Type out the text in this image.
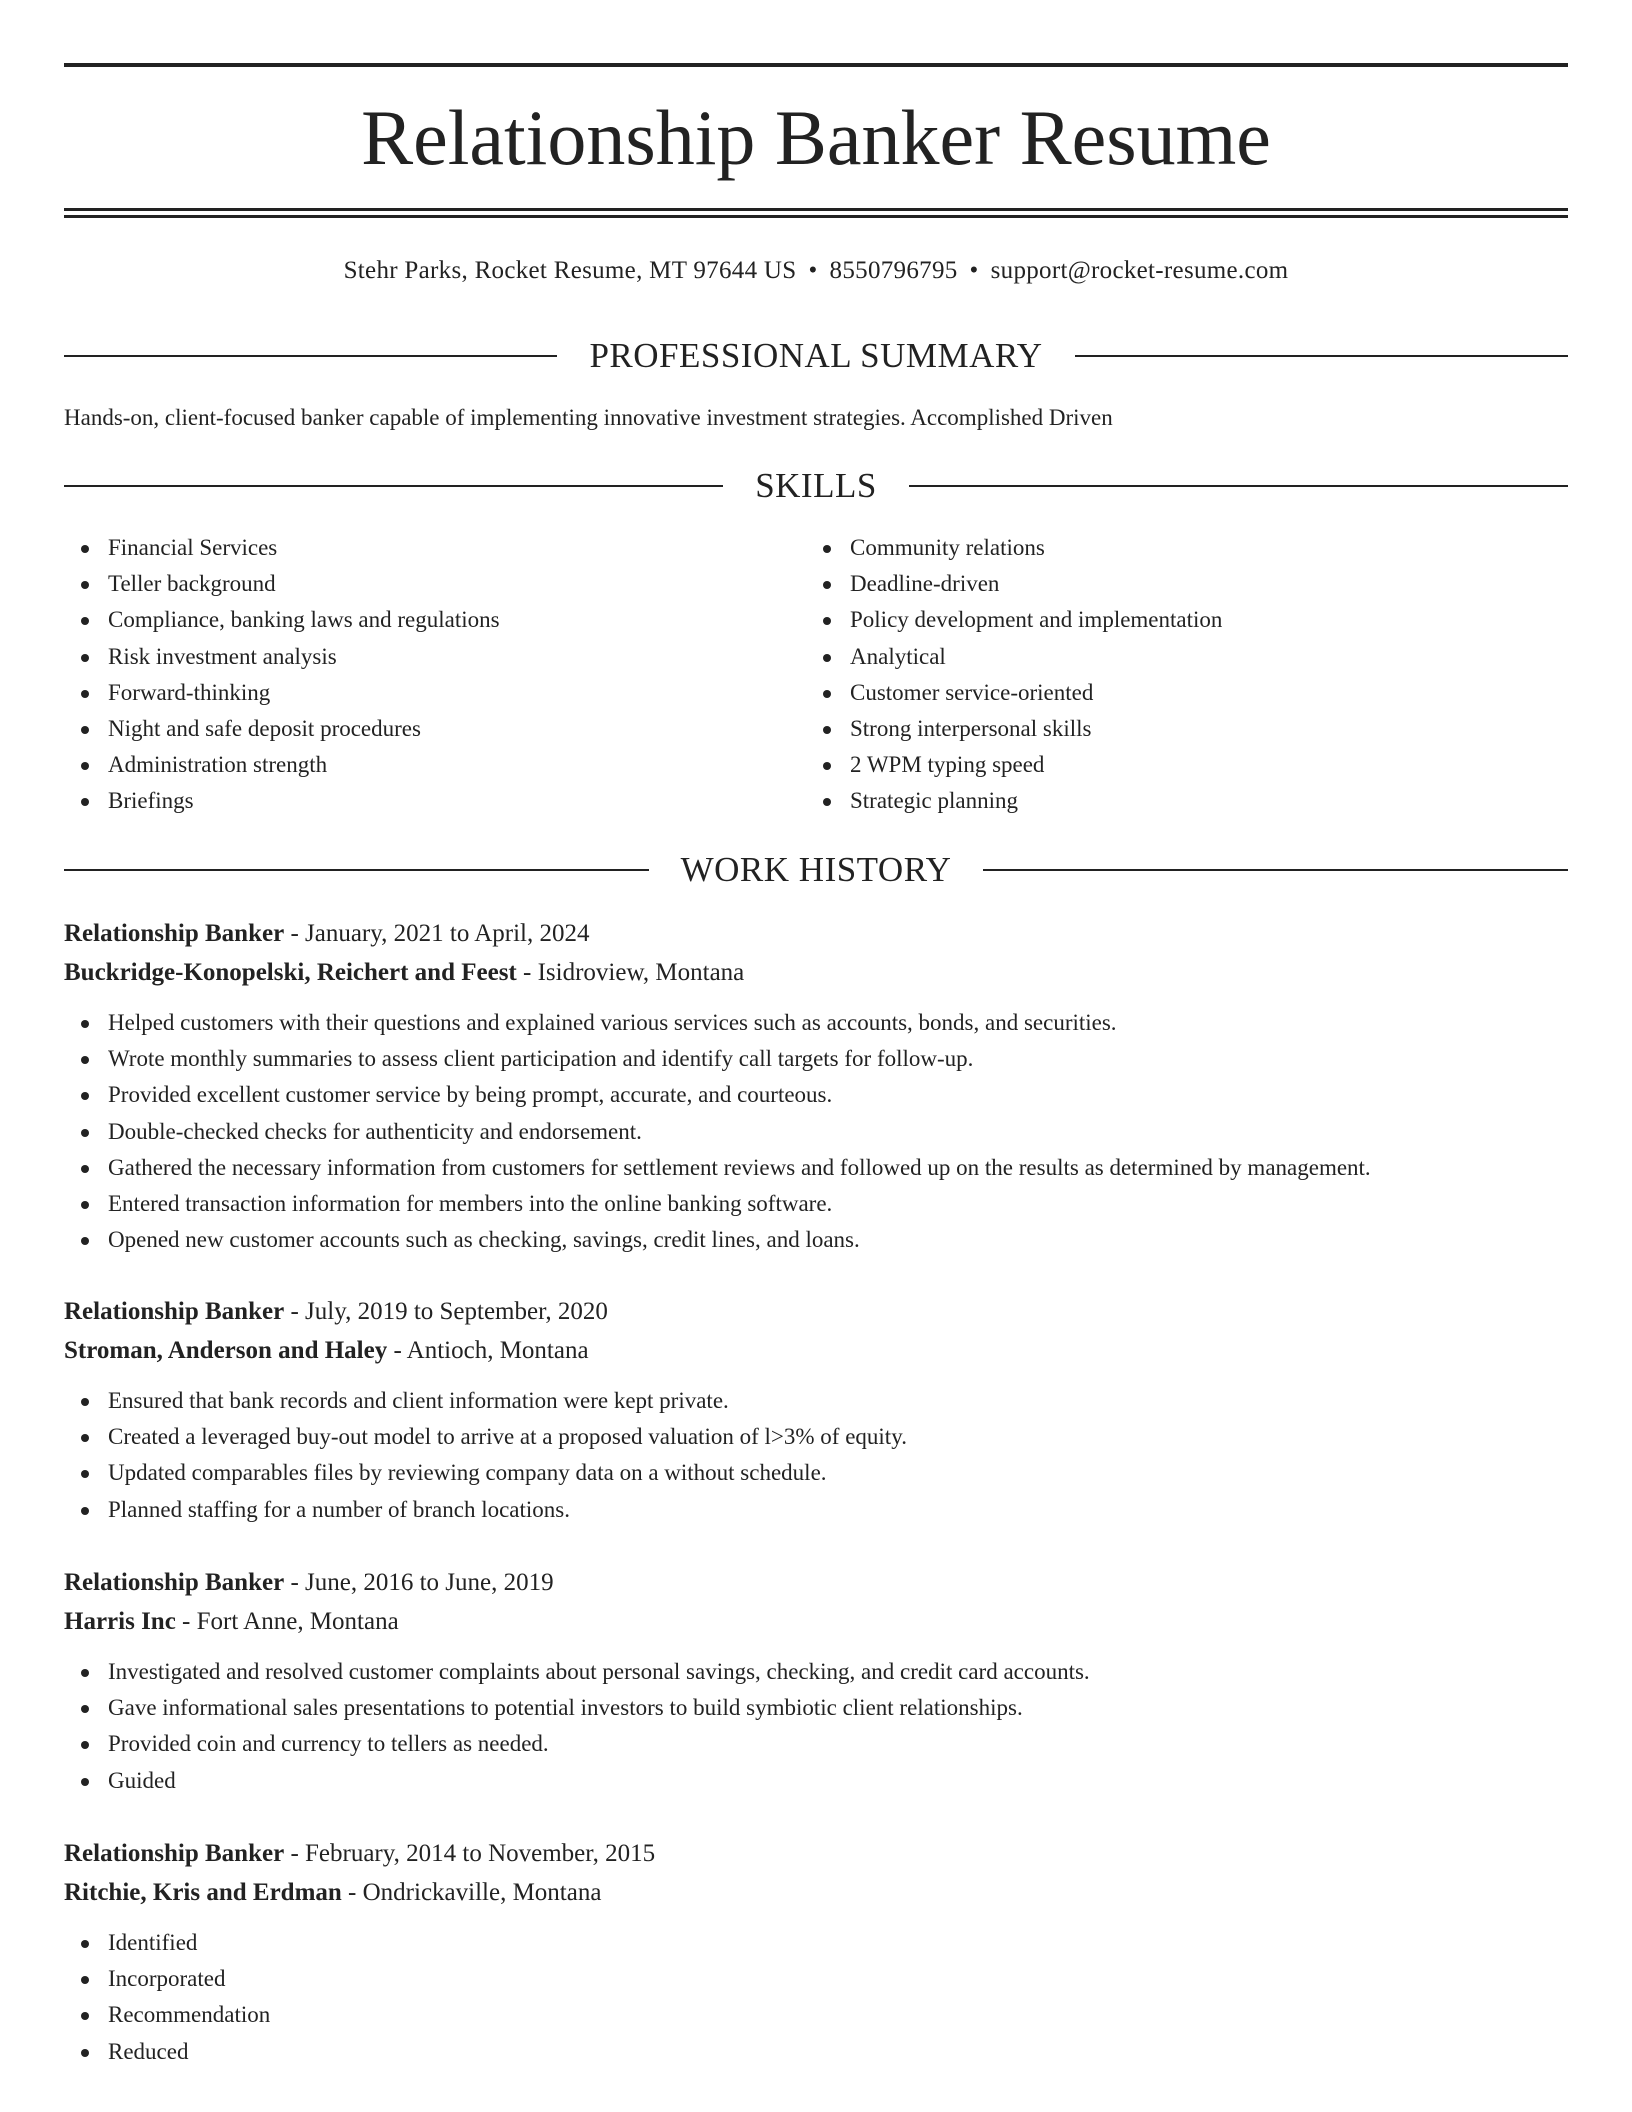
Relationship Banker Resume
Stehr Parks, Rocket Resume, MT 97644 US • 8550796795 • support@rocket-resume.com
PROFESSIONAL SUMMARY
Hands-on, client-focused banker capable of implementing innovative investment strategies. Accomplished Driven
SKILLS
Financial Services
Teller background
Compliance, banking laws and regulations
Risk investment analysis
Forward-thinking
Night and safe deposit procedures
Administration strength
Briefings
Community relations
Deadline-driven
Policy development and implementation
Analytical
Customer service-oriented
Strong interpersonal skills
2 WPM typing speed
Strategic planning
WORK HISTORY
Relationship Banker - January, 2021 to April, 2024
Buckridge-Konopelski, Reichert and Feest - Isidroview, Montana
Helped customers with their questions and explained various services such as accounts, bonds, and securities.
Wrote monthly summaries to assess client participation and identify call targets for follow-up.
Provided excellent customer service by being prompt, accurate, and courteous.
Double-checked checks for authenticity and endorsement.
Gathered the necessary information from customers for settlement reviews and followed up on the results as determined by management.
Entered transaction information for members into the online banking software.
Opened new customer accounts such as checking, savings, credit lines, and loans.
Relationship Banker - July, 2019 to September, 2020
Stroman, Anderson and Haley - Antioch, Montana
Ensured that bank records and client information were kept private.
Created a leveraged buy-out model to arrive at a proposed valuation of l>3% of equity.
Updated comparables files by reviewing company data on a without schedule.
Planned staffing for a number of branch locations.
Relationship Banker - June, 2016 to June, 2019
Harris Inc - Fort Anne, Montana
Investigated and resolved customer complaints about personal savings, checking, and credit card accounts.
Gave informational sales presentations to potential investors to build symbiotic client relationships.
Provided coin and currency to tellers as needed.
Guided
Relationship Banker - February, 2014 to November, 2015
Ritchie, Kris and Erdman - Ondrickaville, Montana
Identified
Incorporated
Recommendation
Reduced
